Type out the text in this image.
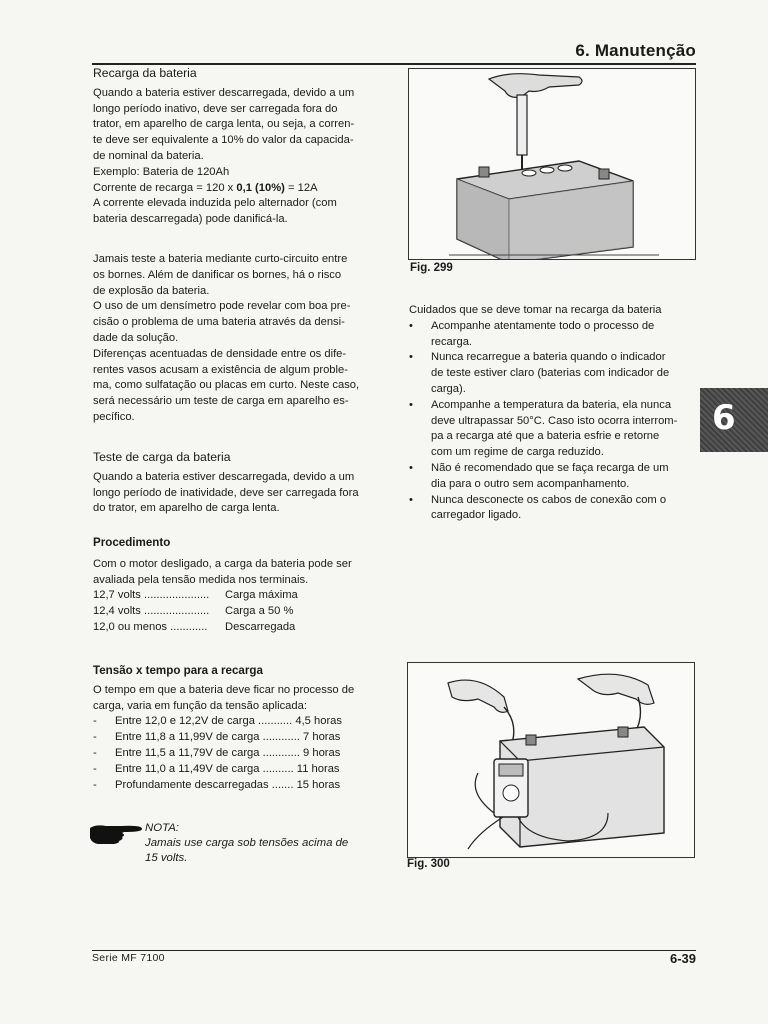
6. Manutenção

Recarga da bateria

Quando a bateria estiver descarregada, devido a um

longo período inativo, deve ser carregada fora do

trator, em aparelho de carga lenta, ou seja, a corren-

te deve ser equivalente a 10% do valor da capacida-

de nominal da bateria.

Exemplo: Bateria de 120Ah

Corrente de recarga = 120 x 0,1 (10%) = 12A

A corrente elevada induzida pelo alternador (com

bateria descarregada) pode danificá-la.

Jamais teste a bateria mediante curto-circuito entre

os bornes. Além de danificar os bornes, há o risco

de explosão da bateria.

O uso de um densímetro pode revelar com boa pre-

cisão o problema de uma bateria através da densi-

dade da solução.

Diferenças acentuadas de densidade entre os dife-

rentes vasos acusam a existência de algum proble-

ma, como sulfatação ou placas em curto. Neste caso,

será necessário um teste de carga em aparelho es-

pecífico.

Teste de carga da bateria

Quando a bateria estiver descarregada, devido a um

longo período de inatividade, deve ser carregada fora

do trator, em aparelho de carga lenta.

Procedimento

Com o motor desligado, a carga da bateria pode ser

avaliada pela tensão medida nos terminais.

12,7 volts .....................	Carga máxima
12,4 volts .....................	Carga a 50 %
12,0 ou menos ............	Descarregada

Tensão x tempo para a recarga

O tempo em que a bateria deve ficar no processo de

carga, varia em função da tensão aplicada:

- Entre 12,0 e 12,2V de carga ........... 4,5 horas
- Entre 11,8 a 11,99V de carga ............ 7 horas
- Entre 11,5 a 11,79V de carga ............ 9 horas
- Entre 11,0 a 11,49V de carga .......... 11 horas
- Profundamente descarregadas ....... 15 horas
NOTA:
Jamais use carga sob tensões acima de
15 volts.
Fig. 299

Cuidados que se deve tomar na recarga da bateria

• Acompanhe atentamente todo o processo de
recarga.
• Nunca recarregue a bateria quando o indicador
de teste estiver claro (baterias com indicador de
carga).
• Acompanhe a temperatura da bateria, ela nunca
deve ultrapassar 50°C. Caso isto ocorra interrom-
pa a recarga até que a bateria esfrie e retorne
com um regime de carga reduzido.
• Não é recomendado que se faça recarga de um
dia para o outro sem acompanhamento.
• Nunca desconecte os cabos de conexão com o
carregador ligado.
6
Fig. 300
Serie MF 7100	6-39
